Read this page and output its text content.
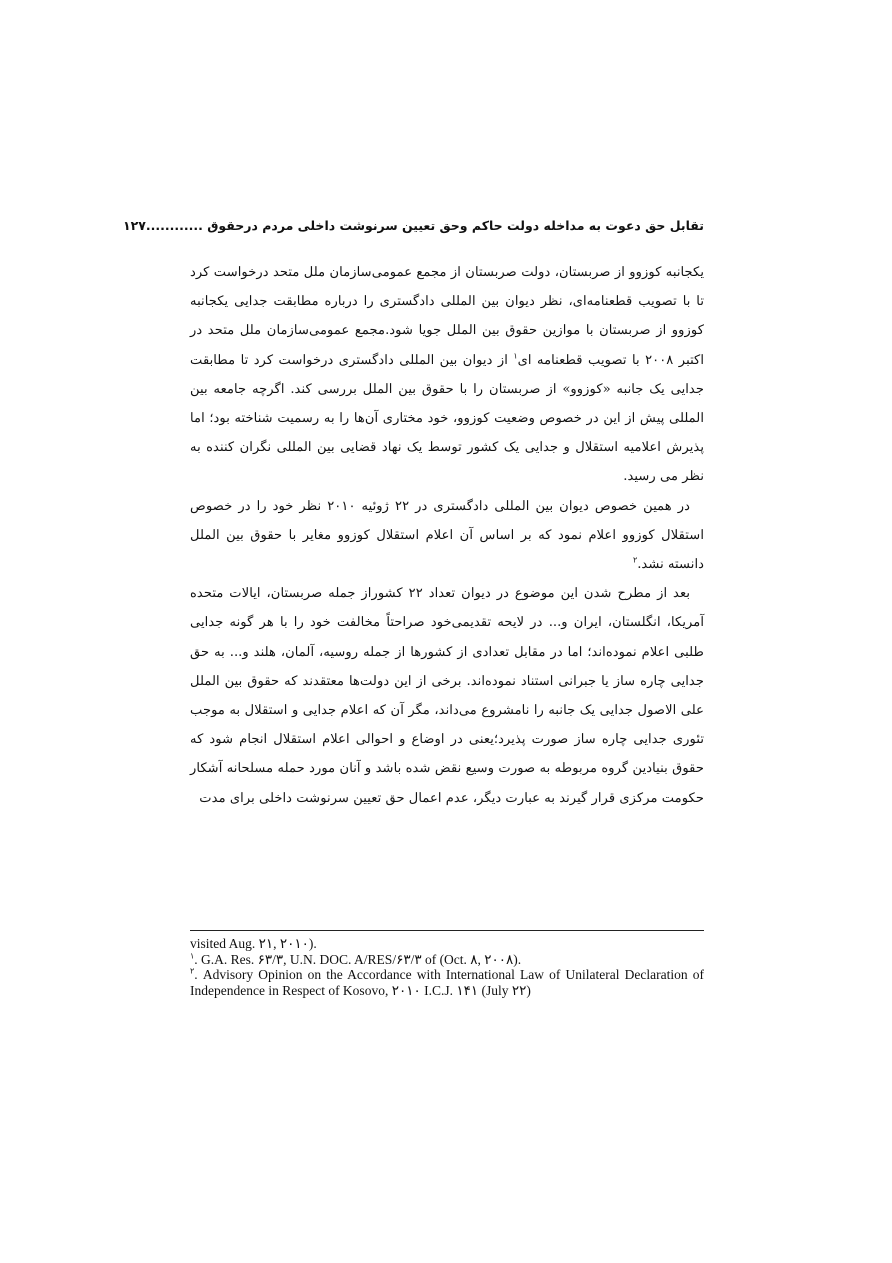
تقابل حق دعوت به مداخله دولت حاکم وحق تعیین سرنوشت داخلی مردم درحقوق ............۱۲۷

یکجانبه کوزوو از صربستان، دولت صربستان از مجمع عمومی‌سازمان ملل متحد درخواست کرد تا با تصویب قطعنامه‌ای، نظر دیوان بین المللی دادگستری را درباره مطابقت جدایی یکجانبه کوزوو از صربستان با موازین حقوق بین الملل جویا شود.مجمع عمومی‌سازمان ملل متحد در اکتبر ۲۰۰۸ با تصویب قطعنامه ای$^۱$ از دیوان بین المللی دادگستری درخواست کرد تا مطابقت جدایی یک جانبه «کوزوو» از صربستان را با حقوق بین الملل بررسی کند. اگرچه جامعه بین المللی پیش از این در خصوص وضعیت کوزوو، خود مختاری آن‌ها را به رسمیت شناخته بود؛ اما پذیرش اعلامیه استقلال و جدایی یک کشور توسط یک نهاد قضایی بین المللی نگران کننده به نظر می رسید.

در همین خصوص دیوان بین المللی دادگستری در ۲۲ ژوئیه ۲۰۱۰ نظر خود را در خصوص استقلال کوزوو اعلام نمود که بر اساس آن اعلام استقلال کوزوو مغایر با حقوق بین الملل دانسته نشد.$^۲$

بعد از مطرح شدن این موضوع در دیوان تعداد ۲۲ کشوراز جمله صربستان، ایالات متحده آمریکا، انگلستان، ایران و... در لایحه تقدیمی‌خود صراحتاً مخالفت خود را با هر گونه جدایی طلبی اعلام نموده‌اند؛ اما در مقابل تعدادی از کشورها از جمله روسیه، آلمان، هلند و... به حق جدایی چاره ساز یا جبرانی استناد نموده‌اند. برخی از این دولت‌ها معتقدند که حقوق بین الملل علی الاصول جدایی یک جانبه را نامشروع می‌داند، مگر آن که اعلام جدایی و استقلال به موجب تئوری جدایی چاره ساز صورت پذیرد؛یعنی در اوضاع و احوالی اعلام استقلال انجام شود که حقوق بنیادین گروه مربوطه به صورت وسیع نقض شده باشد و آنان مورد حمله مسلحانه آشکار حکومت مرکزی قرار گیرند به عبارت دیگر، عدم اعمال حق تعیین سرنوشت داخلی برای مدت

visited Aug. ۲۱, ۲۰۱۰).

$^۱$. G.A. Res. ۶۳/۳, U.N. DOC. A/RES/۶۳/۳ of (Oct. ۸, ۲۰۰۸).

$^۲$. Advisory Opinion on the Accordance with International Law of Unilateral Declaration of Independence in Respect of Kosovo, ۲۰۱۰ I.C.J. ۱۴۱ (July ۲۲)
